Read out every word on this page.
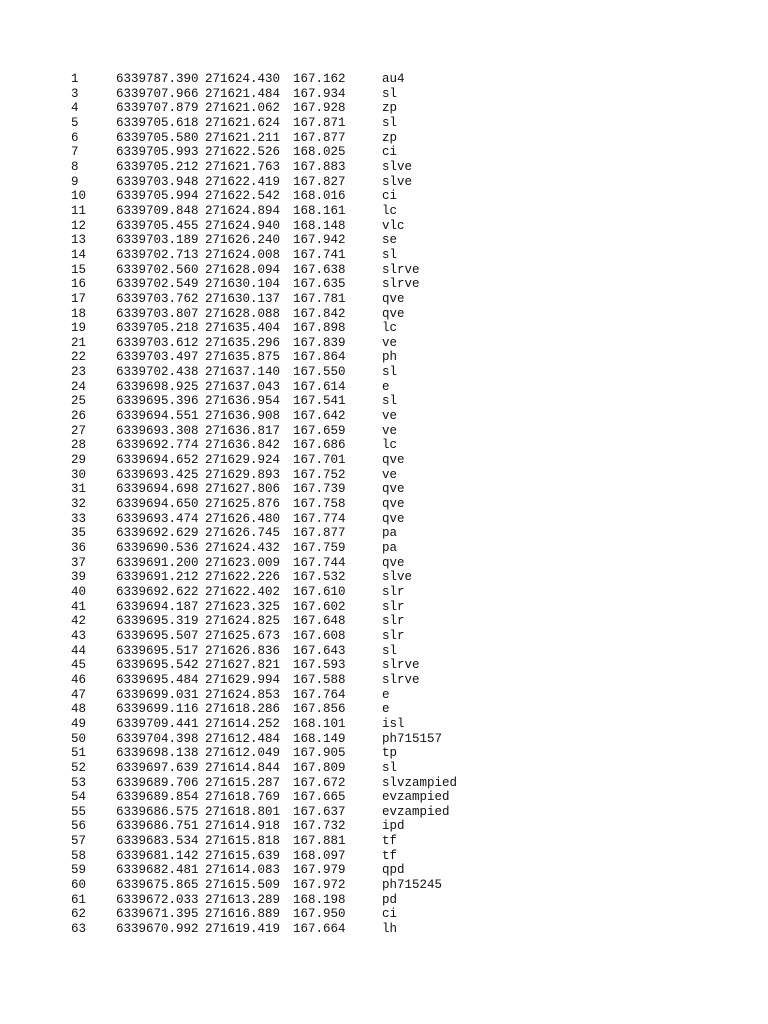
1	6339787.390 271624.430 167.162	au4
3	6339707.966 271621.484 167.934	sl
4	6339707.879 271621.062 167.928	zp
5	6339705.618 271621.624 167.871	sl
6	6339705.580 271621.211 167.877	zp
7	6339705.993 271622.526 168.025	ci
8	6339705.212 271621.763 167.883	slve
9	6339703.948 271622.419 167.827	slve
10 6339705.994 271622.542 168.016	ci
11 6339709.848 271624.894 168.161	lc
12 6339705.455 271624.940 168.148	vlc
13 6339703.189 271626.240 167.942	se
14 6339702.713 271624.008 167.741	sl
15 6339702.560 271628.094 167.638	slrve
16 6339702.549 271630.104 167.635	slrve
17 6339703.762 271630.137 167.781	qve
18 6339703.807 271628.088 167.842	qve
19 6339705.218 271635.404 167.898	lc
21 6339703.612 271635.296 167.839	ve
22 6339703.497 271635.875 167.864	ph
23 6339702.438 271637.140 167.550	sl
24 6339698.925 271637.043 167.614	e
25 6339695.396 271636.954 167.541	sl
26 6339694.551 271636.908 167.642	ve
27 6339693.308 271636.817 167.659	ve
28 6339692.774 271636.842 167.686	lc
29 6339694.652 271629.924 167.701	qve
30 6339693.425 271629.893 167.752	ve
31 6339694.698 271627.806 167.739	qve
32 6339694.650 271625.876 167.758	qve
33 6339693.474 271626.480 167.774	qve
35 6339692.629 271626.745 167.877	pa
36 6339690.536 271624.432 167.759	pa
37 6339691.200 271623.009 167.744	qve
39 6339691.212 271622.226 167.532	slve
40 6339692.622 271622.402 167.610	slr
41 6339694.187 271623.325 167.602	slr
42 6339695.319 271624.825 167.648	slr
43 6339695.507 271625.673 167.608	slr
44 6339695.517 271626.836 167.643	sl
45 6339695.542 271627.821 167.593	slrve
46 6339695.484 271629.994 167.588	slrve
47 6339699.031 271624.853 167.764	e
48 6339699.116 271618.286 167.856	e
49 6339709.441 271614.252 168.101	isl
50 6339704.398 271612.484 168.149	ph715157
51 6339698.138 271612.049 167.905	tp
52 6339697.639 271614.844 167.809	sl
53 6339689.706 271615.287 167.672	slvzampied
54 6339689.854 271618.769 167.665	evzampied
55 6339686.575 271618.801 167.637	evzampied
56 6339686.751 271614.918 167.732	ipd
57 6339683.534 271615.818 167.881	tf
58 6339681.142 271615.639 168.097	tf
59 6339682.481 271614.083 167.979	qpd
60 6339675.865 271615.509 167.972	ph715245
61 6339672.033 271613.289 168.198	pd
62 6339671.395 271616.889 167.950	ci
63 6339670.992 271619.419 167.664	lh
